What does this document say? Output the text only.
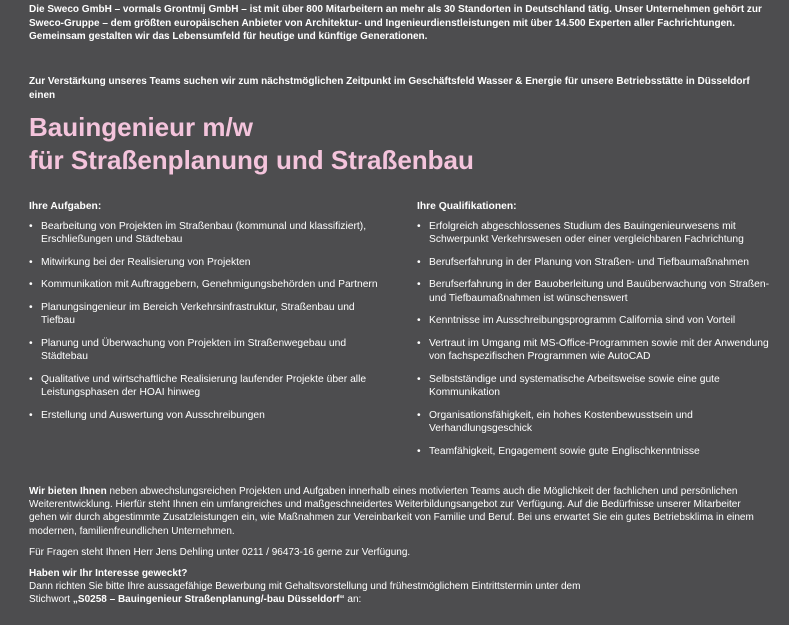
Die Sweco GmbH – vormals Grontmij GmbH – ist mit über 800 Mitarbeitern an mehr als 30 Standorten in Deutschland tätig. Unser Unternehmen gehört zur Sweco-Gruppe – dem größten europäischen Anbieter von Architektur- und Ingenieurdienstleistungen mit über 14.500 Experten aller Fachrichtungen. Gemeinsam gestalten wir das Lebensumfeld für heutige und künftige Generationen.

Zur Verstärkung unseres Teams suchen wir zum nächstmöglichen Zeitpunkt im Geschäftsfeld Wasser & Energie für unsere Betriebsstätte in Düsseldorf einen

Bauingenieur m/w
für Straßenplanung und Straßenbau
Ihre Aufgaben:
• Bearbeitung von Projekten im Straßenbau (kommunal und klassifiziert), Erschließungen und Städtebau
• Mitwirkung bei der Realisierung von Projekten
• Kommunikation mit Auftraggebern, Genehmigungsbehörden und Partnern
• Planungsingenieur im Bereich Verkehrsinfrastruktur, Straßenbau und Tiefbau
• Planung und Überwachung von Projekten im Straßenwegebau und Städtebau
• Qualitative und wirtschaftliche Realisierung laufender Projekte über alle Leistungsphasen der HOAI hinweg
• Erstellung und Auswertung von Ausschreibungen
Ihre Qualifikationen:
• Erfolgreich abgeschlossenes Studium des Bauingenieurwesens mit Schwerpunkt Verkehrswesen oder einer vergleichbaren Fachrichtung
• Berufserfahrung in der Planung von Straßen- und Tiefbaumaßnahmen
• Berufserfahrung in der Bauoberleitung und Bauüberwachung von Straßen- und Tiefbaumaßnahmen ist wünschenswert
• Kenntnisse im Ausschreibungsprogramm California sind von Vorteil
• Vertraut im Umgang mit MS-Office-Programmen sowie mit der Anwendung von fachspezifischen Programmen wie AutoCAD
• Selbstständige und systematische Arbeitsweise sowie eine gute Kommunikation
• Organisationsfähigkeit, ein hohes Kostenbewusstsein und Verhandlungsgeschick
• Teamfähigkeit, Engagement sowie gute Englischkenntnisse

Wir bieten Ihnen neben abwechslungsreichen Projekten und Aufgaben innerhalb eines motivierten Teams auch die Möglichkeit der fachlichen und persönlichen Weiterentwicklung. Hierfür steht Ihnen ein umfangreiches und maßgeschneidertes Weiterbildungsangebot zur Verfügung. Auf die Bedürfnisse unserer Mitarbeiter gehen wir durch abgestimmte Zusatzleistungen ein, wie Maßnahmen zur Vereinbarkeit von Familie und Beruf. Bei uns erwartet Sie ein gutes Betriebsklima in einem modernen, familienfreundlichen Unternehmen.

Für Fragen steht Ihnen Herr Jens Dehling unter 0211 / 96473-16 gerne zur Verfügung.

Haben wir Ihr Interesse geweckt?
Dann richten Sie bitte Ihre aussagefähige Bewerbung mit Gehaltsvorstellung und frühestmöglichem Eintrittstermin unter dem
Stichwort „S0258 – Bauingenieur Straßenplanung/-bau Düsseldorf“ an:
